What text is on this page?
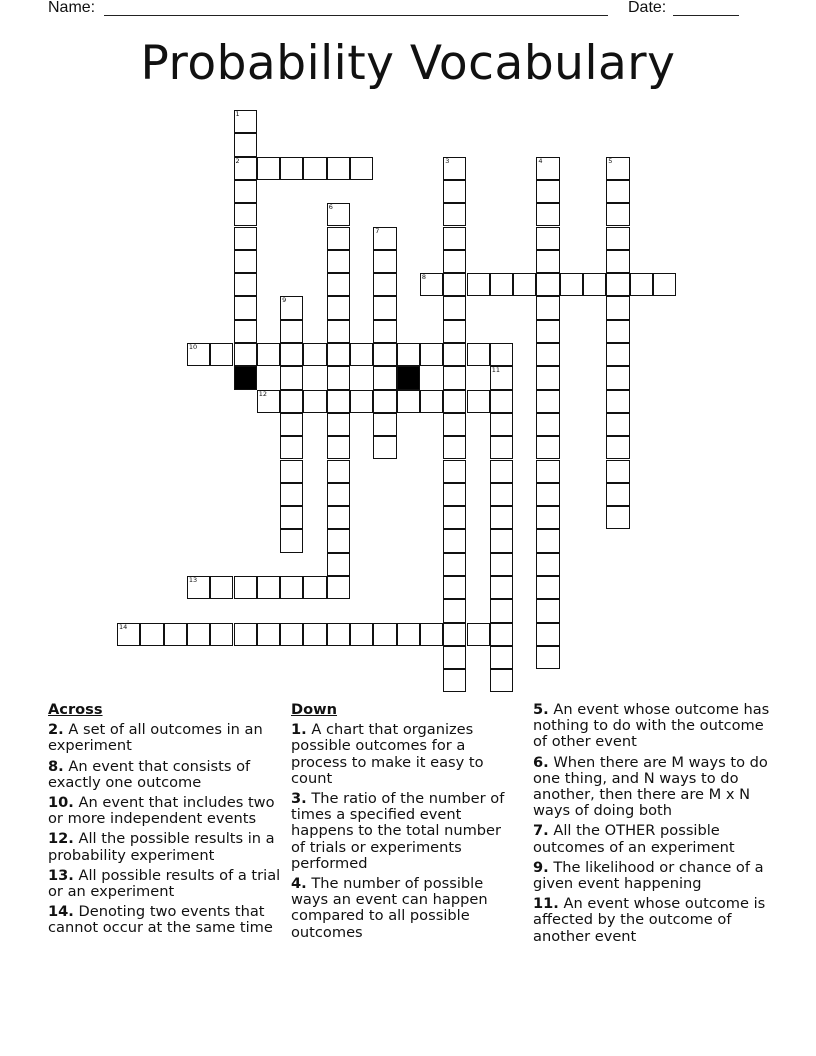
Name:	Date:
Probability Vocabulary
1
2	3	4	5
6
7
8
9
10
11
12
13
14
Across
2. A set of all outcomes in an experiment
8. An event that consists of exactly one outcome
10. An event that includes two or more independent events
12. All the possible results in a probability experiment
13. All possible results of a trial or an experiment
14. Denoting two events that cannot occur at the same time
Down
1. A chart that organizes possible outcomes for a process to make it easy to count
3. The ratio of the number of times a specified event happens to the total number of trials or experiments performed
4. The number of possible ways an event can happen compared to all possible outcomes
5. An event whose outcome has nothing to do with the outcome of other event
6. When there are M ways to do one thing, and N ways to do another, then there are M x N ways of doing both
7. All the OTHER possible outcomes of an experiment
9. The likelihood or chance of a given event happening
11. An event whose outcome is affected by the outcome of another event
